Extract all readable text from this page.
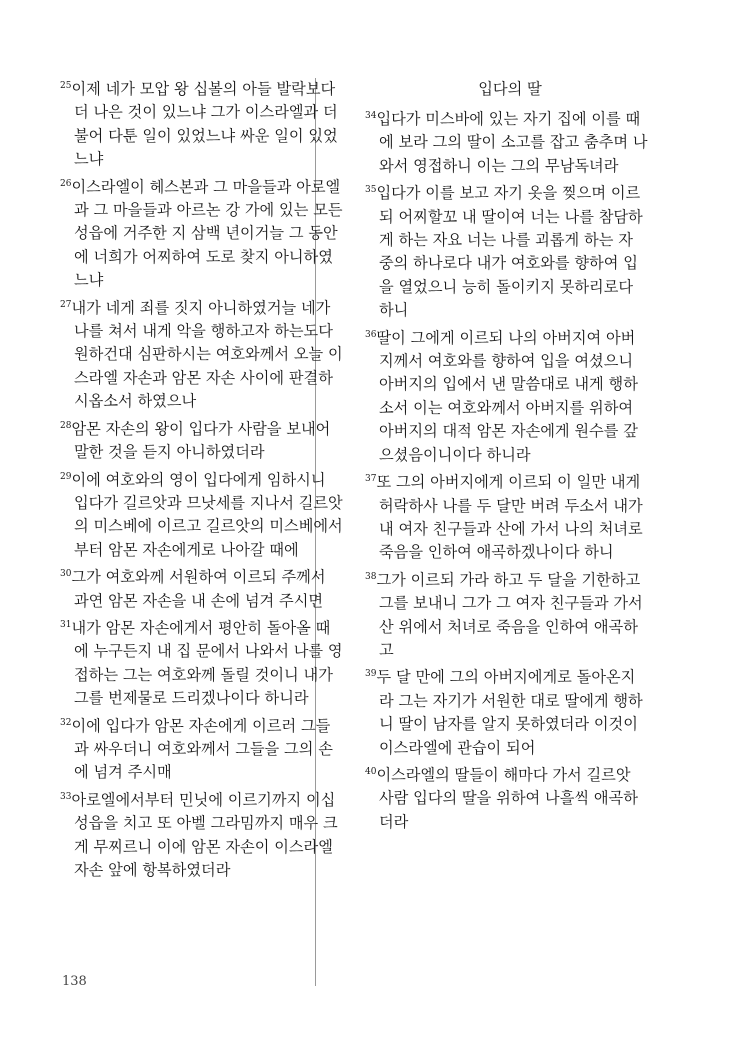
$^{25}$이제 네가 모압 왕 십볼의 아들 발락보다
더 나은 것이 있느냐 그가 이스라엘과 더
불어 다툰 일이 있었느냐 싸운 일이 있었
느냐
$^{26}$이스라엘이 헤스본과 그 마을들과 아로엘
과 그 마을들과 아르논 강 가에 있는 모든
성읍에 거주한 지 삼백 년이거늘 그 동안
에 너희가 어찌하여 도로 찾지 아니하였
느냐
$^{27}$내가 네게 죄를 짓지 아니하였거늘 네가
나를 쳐서 내게 악을 행하고자 하는도다
원하건대 심판하시는 여호와께서 오늘 이
스라엘 자손과 암몬 자손 사이에 판결하
시옵소서 하였으나
$^{28}$암몬 자손의 왕이 입다가 사람을 보내어
말한 것을 듣지 아니하였더라
$^{29}$이에 여호와의 영이 입다에게 임하시니
입다가 길르앗과 므낫세를 지나서 길르앗
의 미스베에 이르고 길르앗의 미스베에서
부터 암몬 자손에게로 나아갈 때에
$^{30}$그가 여호와께 서원하여 이르되 주께서
과연 암몬 자손을 내 손에 넘겨 주시면
$^{31}$내가 암몬 자손에게서 평안히 돌아올 때
에 누구든지 내 집 문에서 나와서 나를 영
접하는 그는 여호와께 돌릴 것이니 내가
그를 번제물로 드리겠나이다 하니라
$^{32}$이에 입다가 암몬 자손에게 이르러 그들
과 싸우더니 여호와께서 그들을 그의 손
에 넘겨 주시매
$^{33}$아로엘에서부터 민닛에 이르기까지 이십
성읍을 치고 또 아벨 그라밈까지 매우 크
게 무찌르니 이에 암몬 자손이 이스라엘
자손 앞에 항복하였더라
입다의 딸
$^{34}$입다가 미스바에 있는 자기 집에 이를 때
에 보라 그의 딸이 소고를 잡고 춤추며 나
와서 영접하니 이는 그의 무남독녀라
$^{35}$입다가 이를 보고 자기 옷을 찢으며 이르
되 어찌할꼬 내 딸이여 너는 나를 참담하
게 하는 자요 너는 나를 괴롭게 하는 자
중의 하나로다 내가 여호와를 향하여 입
을 열었으니 능히 돌이키지 못하리로다
하니
$^{36}$딸이 그에게 이르되 나의 아버지여 아버
지께서 여호와를 향하여 입을 여셨으니
아버지의 입에서 낸 말씀대로 내게 행하
소서 이는 여호와께서 아버지를 위하여
아버지의 대적 암몬 자손에게 원수를 갚
으셨음이니이다 하니라
$^{37}$또 그의 아버지에게 이르되 이 일만 내게
허락하사 나를 두 달만 버려 두소서 내가
내 여자 친구들과 산에 가서 나의 처녀로
죽음을 인하여 애곡하겠나이다 하니
$^{38}$그가 이르되 가라 하고 두 달을 기한하고
그를 보내니 그가 그 여자 친구들과 가서
산 위에서 처녀로 죽음을 인하여 애곡하
고
$^{39}$두 달 만에 그의 아버지에게로 돌아온지
라 그는 자기가 서원한 대로 딸에게 행하
니 딸이 남자를 알지 못하였더라 이것이
이스라엘에 관습이 되어
$^{40}$이스라엘의 딸들이 해마다 가서 길르앗
사람 입다의 딸을 위하여 나흘씩 애곡하
더라
138
